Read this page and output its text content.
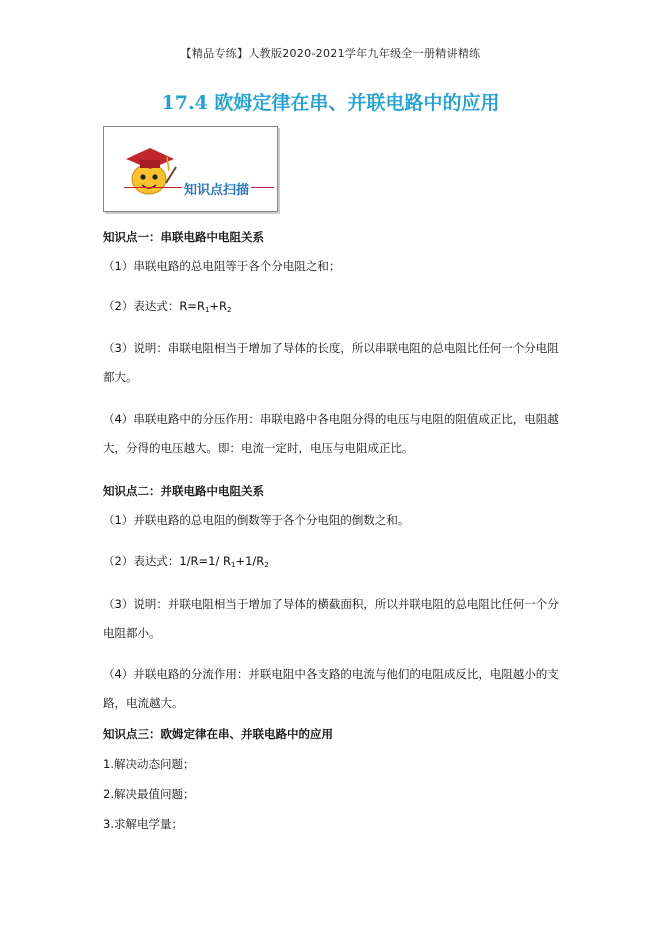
【精品专练】人教版2020-2021学年九年级全一册精讲精练
17.4 欧姆定律在串、并联电路中的应用
知识点扫描
知识点一：串联电路中电阻关系
（1）串联电路的总电阻等于各个分电阻之和；
（2）表达式：$R=R_1+R_2$
（3）说明：串联电阻相当于增加了导体的长度，所以串联电阻的总电阻比任何一个分电阻
都大。
（4）串联电路中的分压作用：串联电路中各电阻分得的电压与电阻的阻值成正比，电阻越
大，分得的电压越大。即：电流一定时，电压与电阻成正比。
知识点二：并联电路中电阻关系
（1）并联电路的总电阻的倒数等于各个分电阻的倒数之和。
（2）表达式：1/R=1/ $R_1+1/R_2$
（3）说明：并联电阻相当于增加了导体的横截面积，所以并联电阻的总电阻比任何一个分
电阻都小。
（4）并联电路的分流作用：并联电阻中各支路的电流与他们的电阻成反比，电阻越小的支
路，电流越大。
知识点三：欧姆定律在串、并联电路中的应用
1.解决动态问题；
2.解决最值问题；
3.求解电学量；
